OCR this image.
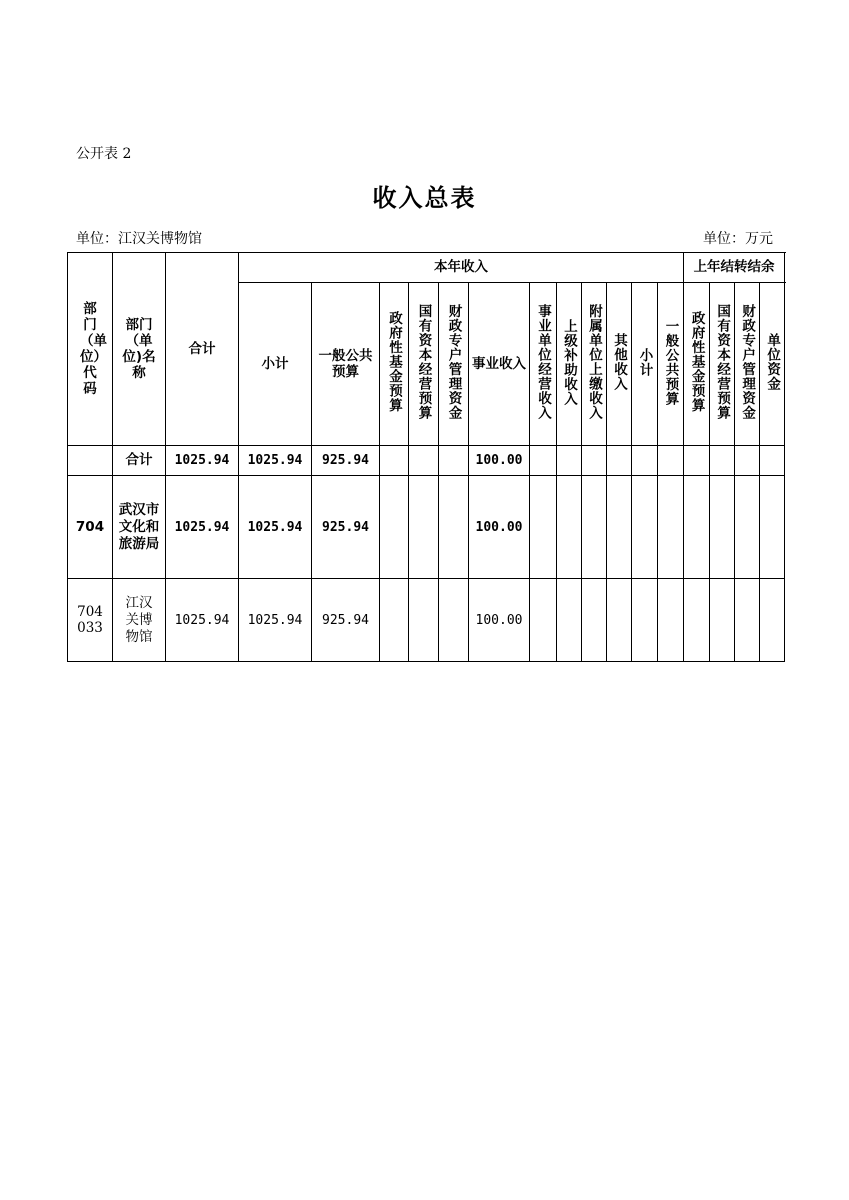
公开表 2
收入总表
单位：江汉关博物馆	单位：万元
部门（单位）代码	部门（单位)名称	合计	本年收入												上年结转结余			
			小计	一般公共预算	政府性基金预算	国有资本经营预算	财政专户管理资金	事业收入	事业单位经营收入	上级补助收入	附属单位上缴收入	其他收入	小计	一般公共预算	政府性基金预算	国有资本经营预算	财政专户管理资金	单位资金
	合计	1025.94	1025.94	925.94				100.00										
704	武汉市文化和旅游局	1025.94	1025.94	925.94				100.00										
704033	江汉关博物馆	1025.94	1025.94	925.94				100.00										
